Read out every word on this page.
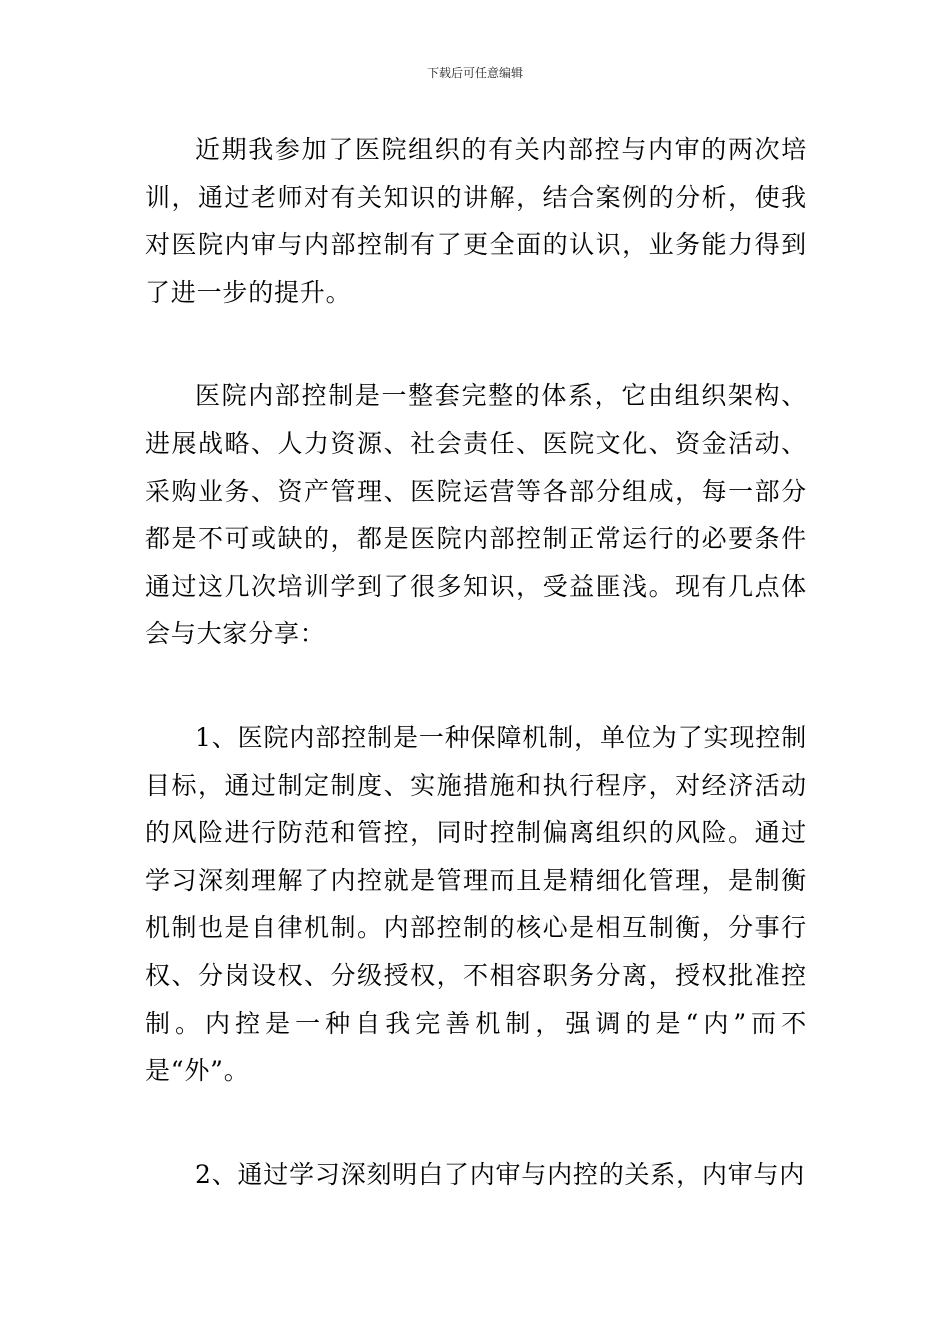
下载后可任意编辑

近期我参加了医院组织的有关内部控与内审的两次培训，通过老师对有关知识的讲解，结合案例的分析，使我对医院内审与内部控制有了更全面的认识，业务能力得到了进一步的提升。

医院内部控制是一整套完整的体系，它由组织架构、进展战略、人力资源、社会责任、医院文化、资金活动、采购业务、资产管理、医院运营等各部分组成，每一部分都是不可或缺的，都是医院内部控制正常运行的必要条件通过这几次培训学到了很多知识，受益匪浅。现有几点体会与大家分享：

1、医院内部控制是一种保障机制，单位为了实现控制目标，通过制定制度、实施措施和执行程序，对经济活动的风险进行防范和管控，同时控制偏离组织的风险。通过学习深刻理解了内控就是管理而且是精细化管理，是制衡机制也是自律机制。内部控制的核心是相互制衡，分事行权、分岗设权、分级授权，不相容职务分离，授权批准控制。内控是一种自我完善机制，强调的是“内”而不是“外”。

2、通过学习深刻明白了内审与内控的关系，内审与内
